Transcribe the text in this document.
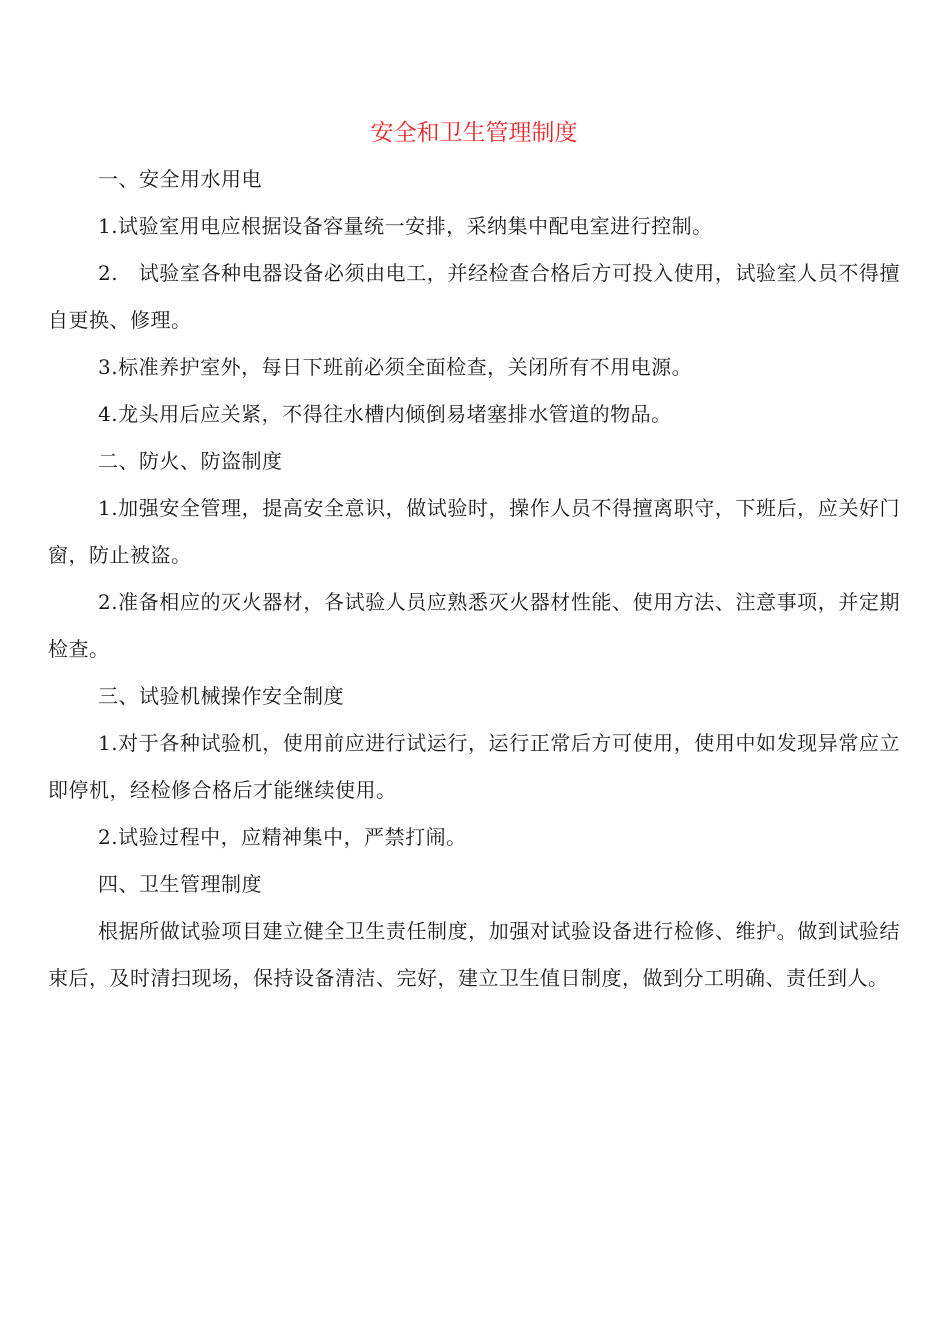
安全和卫生管理制度

一、安全用水用电

1.试验室用电应根据设备容量统一安排，采纳集中配电室进行控制。

2.　试验室各种电器设备必须由电工，并经检查合格后方可投入使用，试验室人员不得擅自更换、修理。

3.标准养护室外，每日下班前必须全面检查，关闭所有不用电源。

4.龙头用后应关紧，不得往水槽内倾倒易堵塞排水管道的物品。

二、防火、防盗制度

1.加强安全管理，提高安全意识，做试验时，操作人员不得擅离职守，下班后，应关好门窗，防止被盗。

2.准备相应的灭火器材，各试验人员应熟悉灭火器材性能、使用方法、注意事项，并定期检查。

三、试验机械操作安全制度

1.对于各种试验机，使用前应进行试运行，运行正常后方可使用，使用中如发现异常应立即停机，经检修合格后才能继续使用。

2.试验过程中，应精神集中，严禁打闹。

四、卫生管理制度

根据所做试验项目建立健全卫生责任制度，加强对试验设备进行检修、维护。做到试验结束后，及时清扫现场，保持设备清洁、完好，建立卫生值日制度，做到分工明确、责任到人。
